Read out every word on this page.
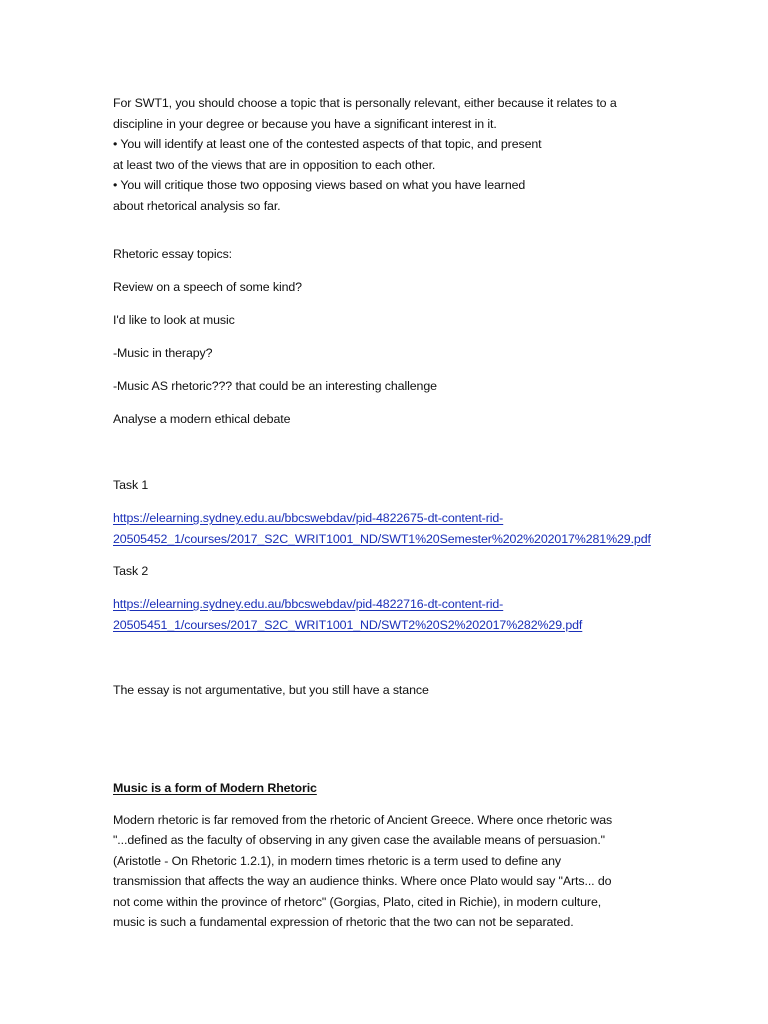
For SWT1, you should choose a topic that is personally relevant, either because it relates to a
discipline in your degree or because you have a significant interest in it.
• You will identify at least one of the contested aspects of that topic, and present
at least two of the views that are in opposition to each other.
• You will critique those two opposing views based on what you have learned
about rhetorical analysis so far.
Rhetoric essay topics:
Review on a speech of some kind?
I'd like to look at music
-Music in therapy?
-Music AS rhetoric??? that could be an interesting challenge
Analyse a modern ethical debate
Task 1
https://elearning.sydney.edu.au/bbcswebdav/pid-4822675-dt-content-rid-
20505452_1/courses/2017_S2C_WRIT1001_ND/SWT1%20Semester%202%202017%281%29.pdf
Task 2
https://elearning.sydney.edu.au/bbcswebdav/pid-4822716-dt-content-rid-
20505451_1/courses/2017_S2C_WRIT1001_ND/SWT2%20S2%202017%282%29.pdf
The essay is not argumentative, but you still have a stance
Music is a form of Modern Rhetoric
Modern rhetoric is far removed from the rhetoric of Ancient Greece. Where once rhetoric was
"...defined as the faculty of observing in any given case the available means of persuasion."
(Aristotle - On Rhetoric 1.2.1), in modern times rhetoric is a term used to define any
transmission that affects the way an audience thinks. Where once Plato would say "Arts... do
not come within the province of rhetorc" (Gorgias, Plato, cited in Richie), in modern culture,
music is such a fundamental expression of rhetoric that the two can not be separated.
